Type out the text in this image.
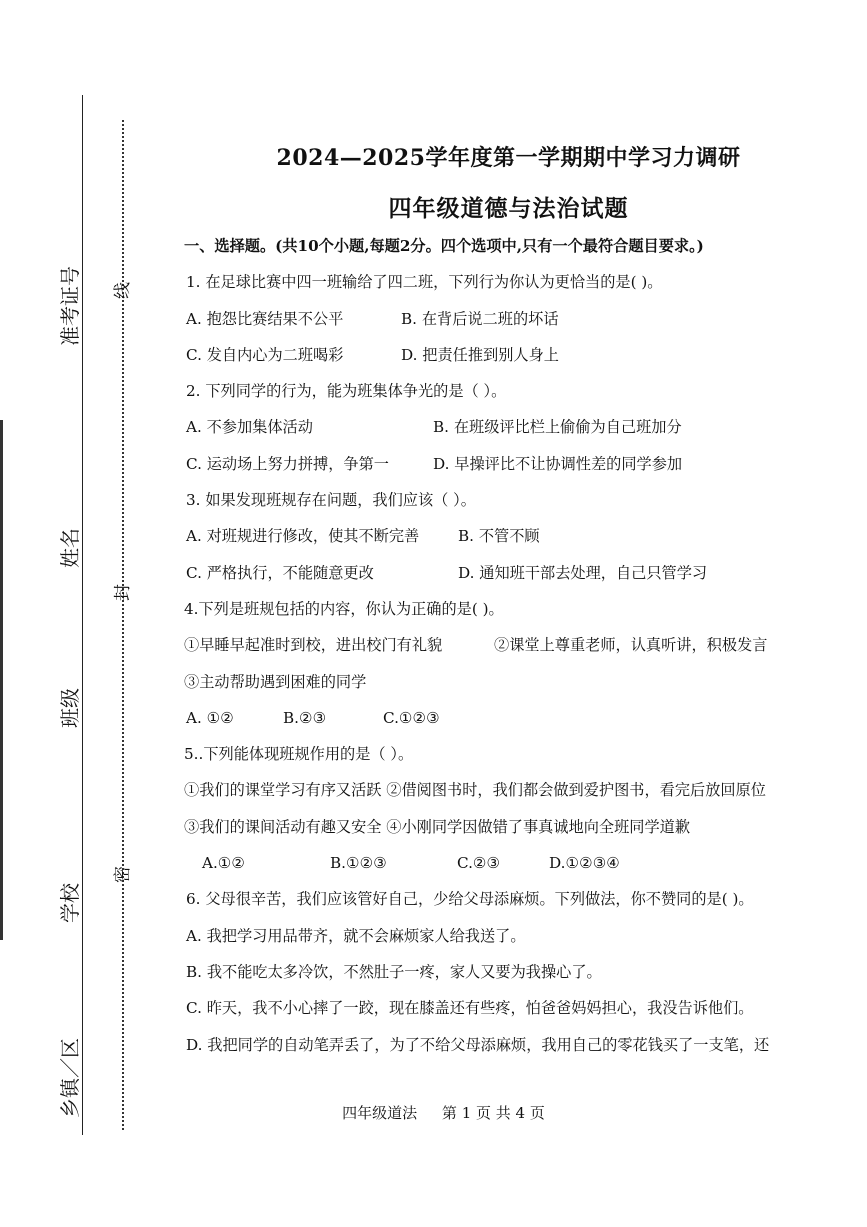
准考证号
姓名
班级
学校
乡镇／区
线
封
密
2024—2025学年度第一学期期中学习力调研
四年级道德与法治试题
一、选择题。(共10个小题,每题2分。四个选项中,只有一个最符合题目要求。)
1. 在足球比赛中四一班输给了四二班，下列行为你认为更恰当的是( )。
A. 抱怨比赛结果不公平	B. 在背后说二班的坏话
C. 发自内心为二班喝彩	D. 把责任推到别人身上
2. 下列同学的行为，能为班集体争光的是（ ）。
A. 不参加集体活动	B. 在班级评比栏上偷偷为自己班加分
C. 运动场上努力拼搏，争第一	D. 早操评比不让协调性差的同学参加
3. 如果发现班规存在问题，我们应该（ ）。
A. 对班规进行修改，使其不断完善	B. 不管不顾
C. 严格执行，不能随意更改	D. 通知班干部去处理，自己只管学习
4.下列是班规包括的内容，你认为正确的是( )。
①早睡早起准时到校，进出校门有礼貌	②课堂上尊重老师，认真听讲，积极发言
③主动帮助遇到困难的同学
A. ①②	B.②③	C.①②③
5..下列能体现班规作用的是（ ）。
①我们的课堂学习有序又活跃 ②借阅图书时，我们都会做到爱护图书，看完后放回原位
③我们的课间活动有趣又安全 ④小刚同学因做错了事真诚地向全班同学道歉
A.①②	B.①②③	C.②③	D.①②③④
6. 父母很辛苦，我们应该管好自己，少给父母添麻烦。下列做法，你不赞同的是( )。
A. 我把学习用品带齐，就不会麻烦家人给我送了。
B. 我不能吃太多冷饮，不然肚子一疼，家人又要为我操心了。
C. 昨天，我不小心摔了一跤，现在膝盖还有些疼，怕爸爸妈妈担心，我没告诉他们。
D. 我把同学的自动笔弄丢了，为了不给父母添麻烦，我用自己的零花钱买了一支笔，还
四年级道法 第 1 页 共 4 页
